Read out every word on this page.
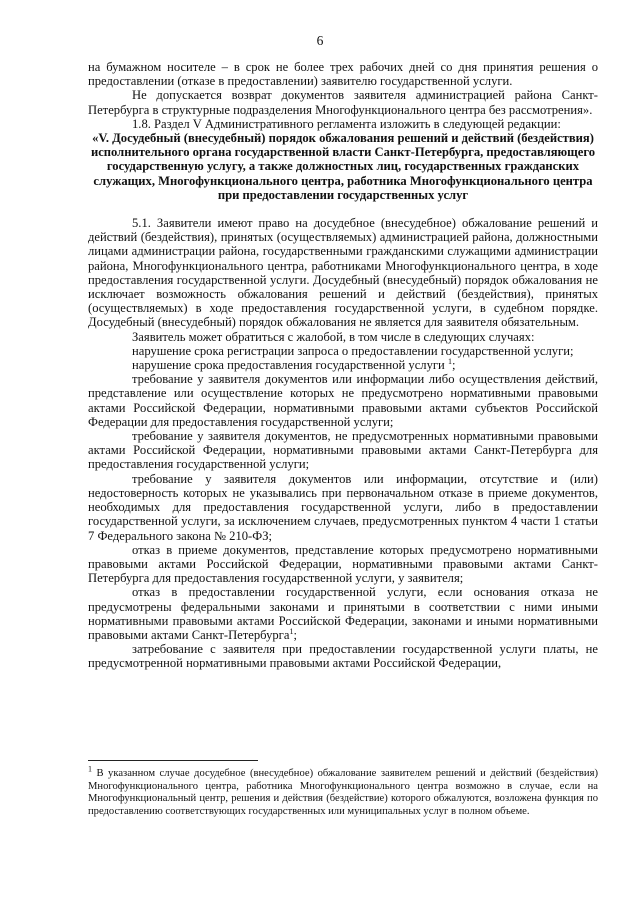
6

на бумажном носителе – в срок не более трех рабочих дней со дня принятия решения о предоставлении (отказе в предоставлении) заявителю государственной услуги.

Не допускается возврат документов заявителя администрацией района Санкт-Петербурга в структурные подразделения Многофункционального центра без рассмотрения».

1.8. Раздел V Административного регламента изложить в следующей редакции:

«V. Досудебный (внесудебный) порядок обжалования решений и действий (бездействия) исполнительного органа государственной власти Санкт-Петербурга, предоставляющего государственную услугу, а также должностных лиц, государственных гражданских служащих, Многофункционального центра, работника Многофункционального центра при предоставлении государственных услуг

5.1. Заявители имеют право на досудебное (внесудебное) обжалование решений и действий (бездействия), принятых (осуществляемых) администрацией района, должностными лицами администрации района, государственными гражданскими служащими администрации района, Многофункционального центра, работниками Многофункционального центра, в ходе предоставления государственной услуги. Досудебный (внесудебный) порядок обжалования не исключает возможность обжалования решений и действий (бездействия), принятых (осуществляемых) в ходе предоставления государственной услуги, в судебном порядке. Досудебный (внесудебный) порядок обжалования не является для заявителя обязательным.

Заявитель может обратиться с жалобой, в том числе в следующих случаях:

нарушение срока регистрации запроса о предоставлении государственной услуги;

нарушение срока предоставления государственной услуги $^1$;

требование у заявителя документов или информации либо осуществления действий, представление или осуществление которых не предусмотрено нормативными правовыми актами Российской Федерации, нормативными правовыми актами субъектов Российской Федерации для предоставления государственной услуги;

требование у заявителя документов, не предусмотренных нормативными правовыми актами Российской Федерации, нормативными правовыми актами Санкт-Петербурга для предоставления государственной услуги;

требование у заявителя документов или информации, отсутствие и (или) недостоверность которых не указывались при первоначальном отказе в приеме документов, необходимых для предоставления государственной услуги, либо в предоставлении государственной услуги, за исключением случаев, предусмотренных пунктом 4 части 1 статьи 7 Федерального закона № 210-ФЗ;

отказ в приеме документов, представление которых предусмотрено нормативными правовыми актами Российской Федерации, нормативными правовыми актами Санкт-Петербурга для предоставления государственной услуги, у заявителя;

отказ в предоставлении государственной услуги, если основания отказа не предусмотрены федеральными законами и принятыми в соответствии с ними иными нормативными правовыми актами Российской Федерации, законами и иными нормативными правовыми актами Санкт-Петербурга$^1$;

затребование с заявителя при предоставлении государственной услуги платы, не предусмотренной нормативными правовыми актами Российской Федерации,

$^1$ В указанном случае досудебное (внесудебное) обжалование заявителем решений и действий (бездействия) Многофункционального центра, работника Многофункционального центра возможно в случае, если на Многофункциональный центр, решения и действия (бездействие) которого обжалуются, возложена функция по предоставлению соответствующих государственных или муниципальных услуг в полном объеме.
